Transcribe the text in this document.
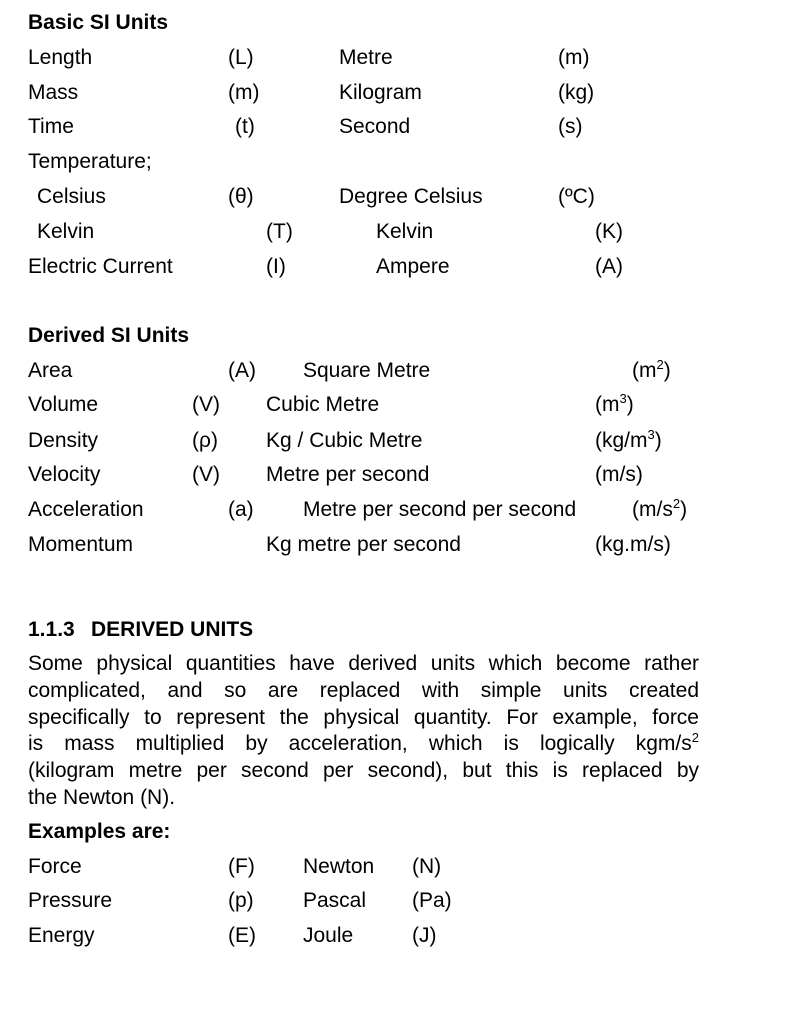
Basic SI Units
Length	(L)	Metre	(m)
Mass	(m)	Kilogram	(kg)
Time	(t)	Second	(s)
Temperature;
Celsius	(θ)	Degree Celsius	(ºC)
Kelvin	(T)	Kelvin	(K)
Electric Current	(I)	Ampere	(A)
Derived SI Units
Area	(A) Square Metre	$(m^2)$
Volume	(V) Cubic Metre	$(m^3)$
Density	(ρ) Kg / Cubic Metre	$(kg/m^3)$
Velocity	(V) Metre per second	(m/s)
Acceleration	(a) Metre per second per second	$(m/s^2)$
Momentum	Kg metre per second	(kg.m/s)
1.1.3 DERIVED UNITS
Some physical quantities have derived units which become rather
complicated, and so are replaced with simple units created
specifically to represent the physical quantity. For example, force
is mass multiplied by acceleration, which is logically kgm/$s^2$
(kilogram metre per second per second), but this is replaced by
the Newton (N).
Examples are:
Force	(F) Newton (N)
Pressure	(p) Pascal (Pa)
Energy	(E) Joule	(J)
